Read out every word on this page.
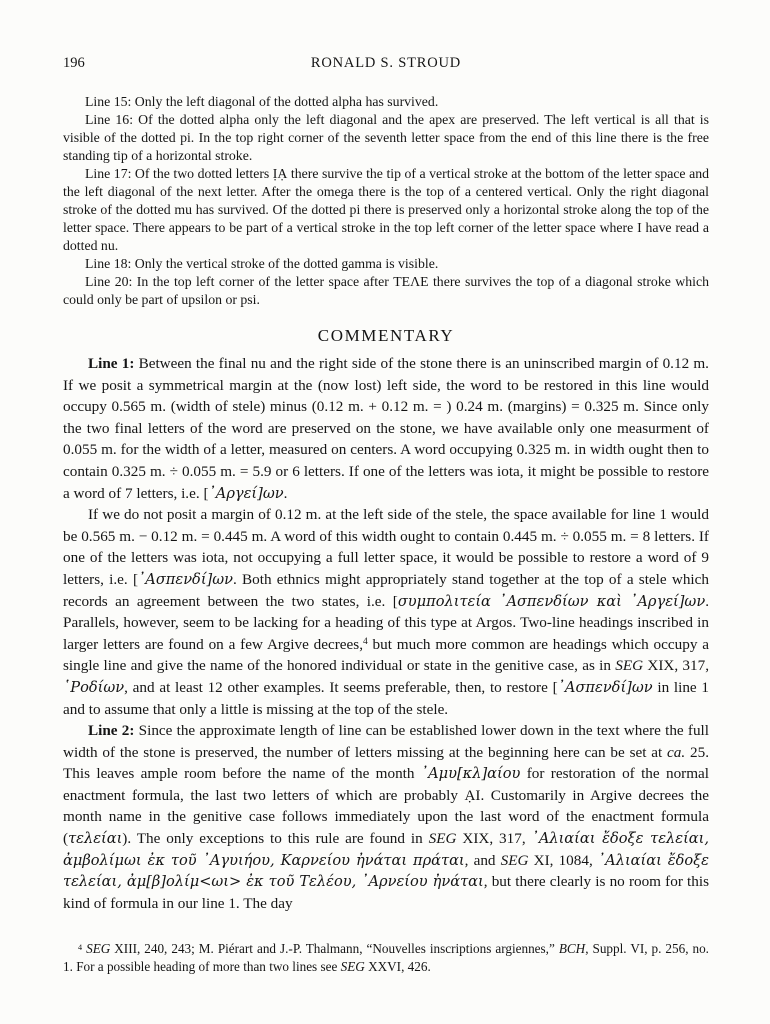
196	RONALD S. STROUD

Line 15: Only the left diagonal of the dotted alpha has survived.

Line 16: Of the dotted alpha only the left diagonal and the apex are preserved. The left vertical is all that is visible of the dotted pi. In the top right corner of the seventh letter space from the end of this line there is the free standing tip of a horizontal stroke.

Line 17: Of the two dotted letters ỊẠ there survive the tip of a vertical stroke at the bottom of the letter space and the left diagonal of the next letter. After the omega there is the top of a centered vertical. Only the right diagonal stroke of the dotted mu has survived. Of the dotted pi there is preserved only a horizontal stroke along the top of the letter space. There appears to be part of a vertical stroke in the top left corner of the letter space where I have read a dotted nu.

Line 18: Only the vertical stroke of the dotted gamma is visible.

Line 20: In the top left corner of the letter space after ΤΕΛΕ there survives the top of a diagonal stroke which could only be part of upsilon or psi.

COMMENTARY

Line 1: Between the final nu and the right side of the stone there is an uninscribed margin of 0.12 m. If we posit a symmetrical margin at the (now lost) left side, the word to be restored in this line would occupy 0.565 m. (width of stele) minus (0.12 m. + 0.12 m. = ) 0.24 m. (margins) = 0.325 m. Since only the two final letters of the word are preserved on the stone, we have available only one measurment of 0.055 m. for the width of a letter, measured on centers. A word occupying 0.325 m. in width ought then to contain 0.325 m. ÷ 0.055 m. = 5.9 or 6 letters. If one of the letters was iota, it might be possible to restore a word of 7 letters, i.e. [᾿Αργεί]ων.

If we do not posit a margin of 0.12 m. at the left side of the stele, the space available for line 1 would be 0.565 m. − 0.12 m. = 0.445 m. A word of this width ought to contain 0.445 m. ÷ 0.055 m. = 8 letters. If one of the letters was iota, not occupying a full letter space, it would be possible to restore a word of 9 letters, i.e. [᾿Ασπενδί]ων. Both ethnics might appropriately stand together at the top of a stele which records an agreement between the two states, i.e. [συμπολιτεία ᾿Ασπενδίων καὶ ᾿Αργεί]ων. Parallels, however, seem to be lacking for a heading of this type at Argos. Two-line headings inscribed in larger letters are found on a few Argive decrees,$^4$ but much more common are headings which occupy a single line and give the name of the honored individual or state in the genitive case, as in SEG XIX, 317, ῾Ροδίων, and at least 12 other examples. It seems preferable, then, to restore [᾿Ασπενδί]ων in line 1 and to assume that only a little is missing at the top of the stele.

Line 2: Since the approximate length of line can be established lower down in the text where the full width of the stone is preserved, the number of letters missing at the beginning here can be set at ca. 25. This leaves ample room before the name of the month ᾿Αμυ[κλ]αίου for restoration of the normal enactment formula, the last two letters of which are probably ẠI. Customarily in Argive decrees the month name in the genitive case follows immediately upon the last word of the enactment formula (τελείαι). The only exceptions to this rule are found in SEG XIX, 317, ᾿Αλιαίαι ἔδοξε τελείαι, ἀμβολίμωι ἐκ τοῦ ᾿Αγυιήου, Καρνείου ἠνάται πράται, and SEG XI, 1084, ᾿Αλιαίαι ἔδοξε τελείαι, ἀμ[β]ολίμ<ωι> ἐκ τοῦ Τελέου, ᾿Αρνείου ἠνάται, but there clearly is no room for this kind of formula in our line 1. The day

$^4$ SEG XIII, 240, 243; M. Piérart and J.-P. Thalmann, “Nouvelles inscriptions argiennes,” BCH, Suppl. VI, p. 256, no. 1. For a possible heading of more than two lines see SEG XXVI, 426.
